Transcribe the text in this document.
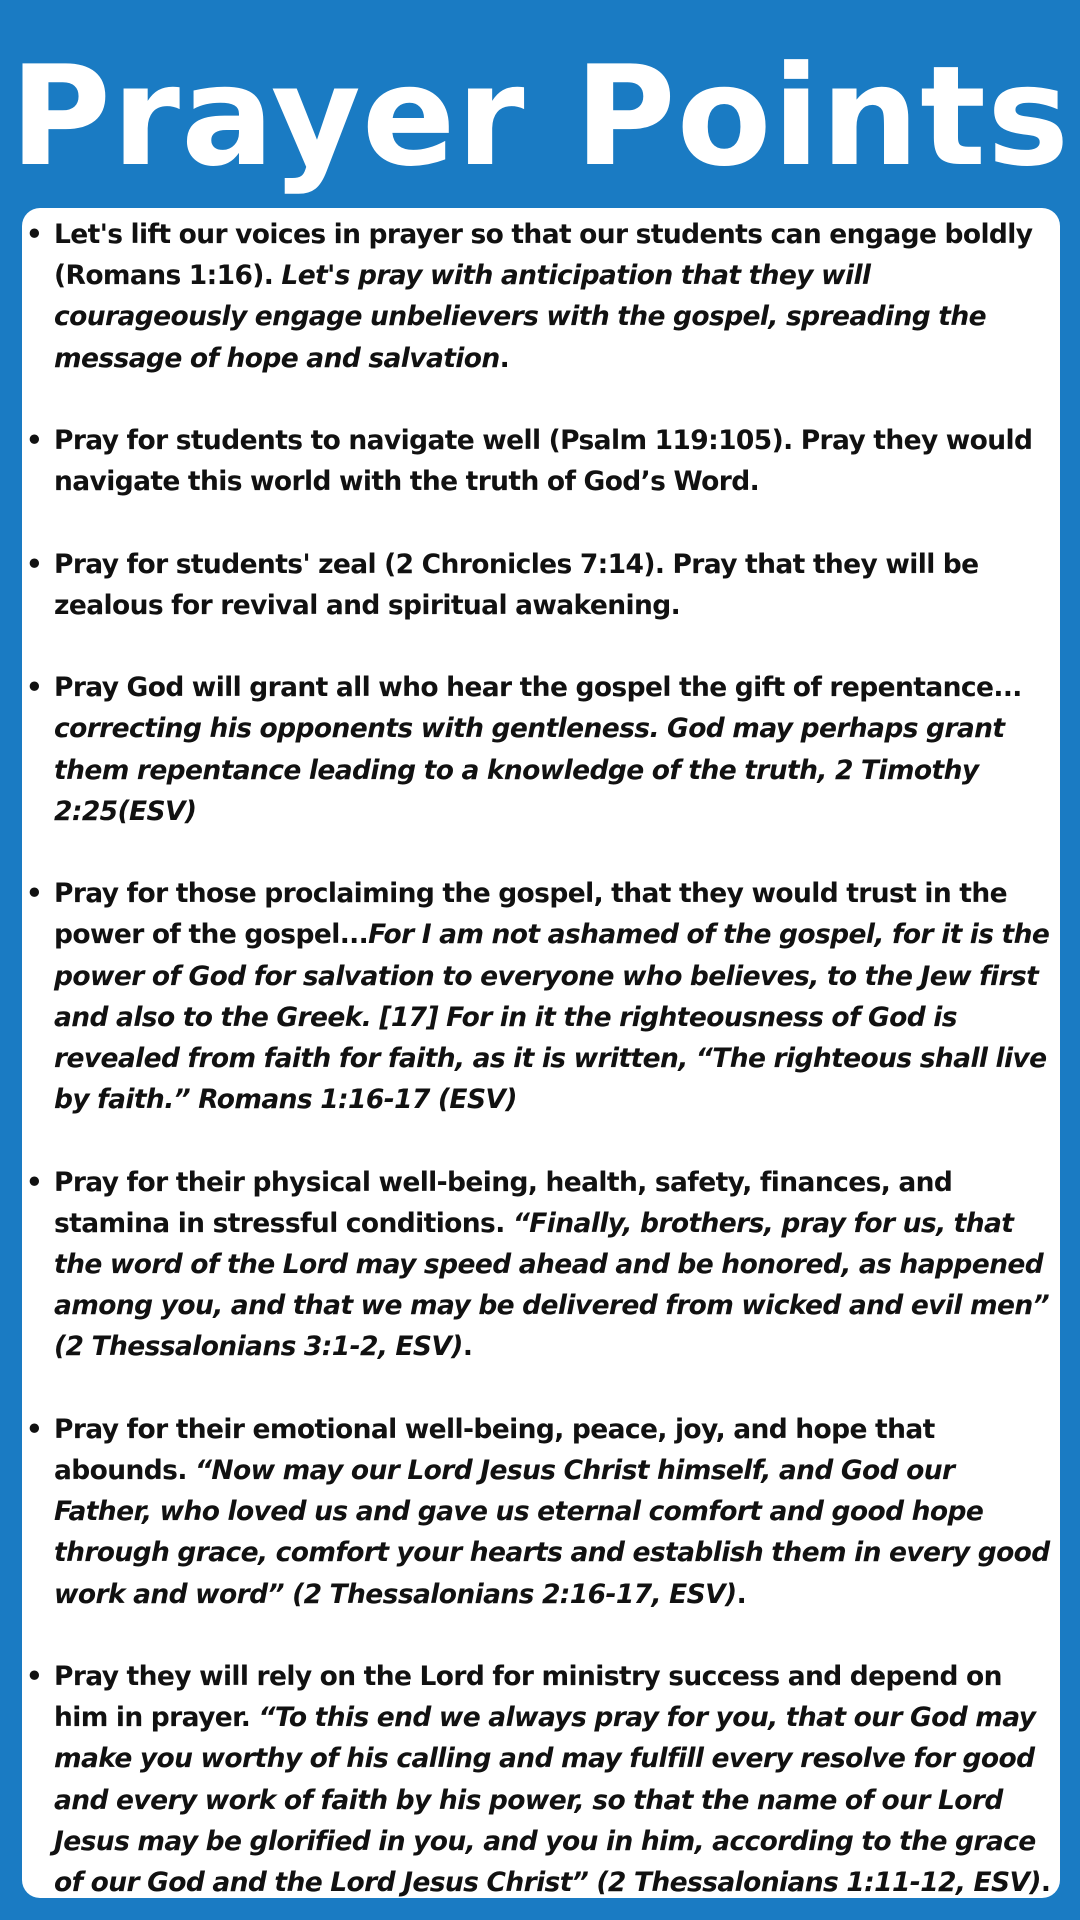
Prayer Points
• Let's lift our voices in prayer so that our students can engage boldly (Romans 1:16). Let's pray with anticipation that they will courageously engage unbelievers with the gospel, spreading the message of hope and salvation.
• Pray for students to navigate well (Psalm 119:105). Pray they would navigate this world with the truth of God’s Word.
• Pray for students' zeal (2 Chronicles 7:14). Pray that they will be zealous for revival and spiritual awakening.
• Pray God will grant all who hear the gospel the gift of repentance... correcting his opponents with gentleness. God may perhaps grant them repentance leading to a knowledge of the truth, 2 Timothy 2:25(ESV)
• Pray for those proclaiming the gospel, that they would trust in the power of the gospel...For I am not ashamed of the gospel, for it is the power of God for salvation to everyone who believes, to the Jew first and also to the Greek. [17] For in it the righteousness of God is revealed from faith for faith, as it is written, “The righteous shall live by faith.” Romans 1:16-17 (ESV)
• Pray for their physical well-being, health, safety, finances, and stamina in stressful conditions. “Finally, brothers, pray for us, that the word of the Lord may speed ahead and be honored, as happened among you, and that we may be delivered from wicked and evil men” (2 Thessalonians 3:1-2, ESV).
• Pray for their emotional well-being, peace, joy, and hope that abounds. “Now may our Lord Jesus Christ himself, and God our Father, who loved us and gave us eternal comfort and good hope through grace, comfort your hearts and establish them in every good work and word” (2 Thessalonians 2:16-17, ESV).
• Pray they will rely on the Lord for ministry success and depend on him in prayer. “To this end we always pray for you, that our God may make you worthy of his calling and may fulfill every resolve for good and every work of faith by his power, so that the name of our Lord Jesus may be glorified in you, and you in him, according to the grace of our God and the Lord Jesus Christ” (2 Thessalonians 1:11-12, ESV).
